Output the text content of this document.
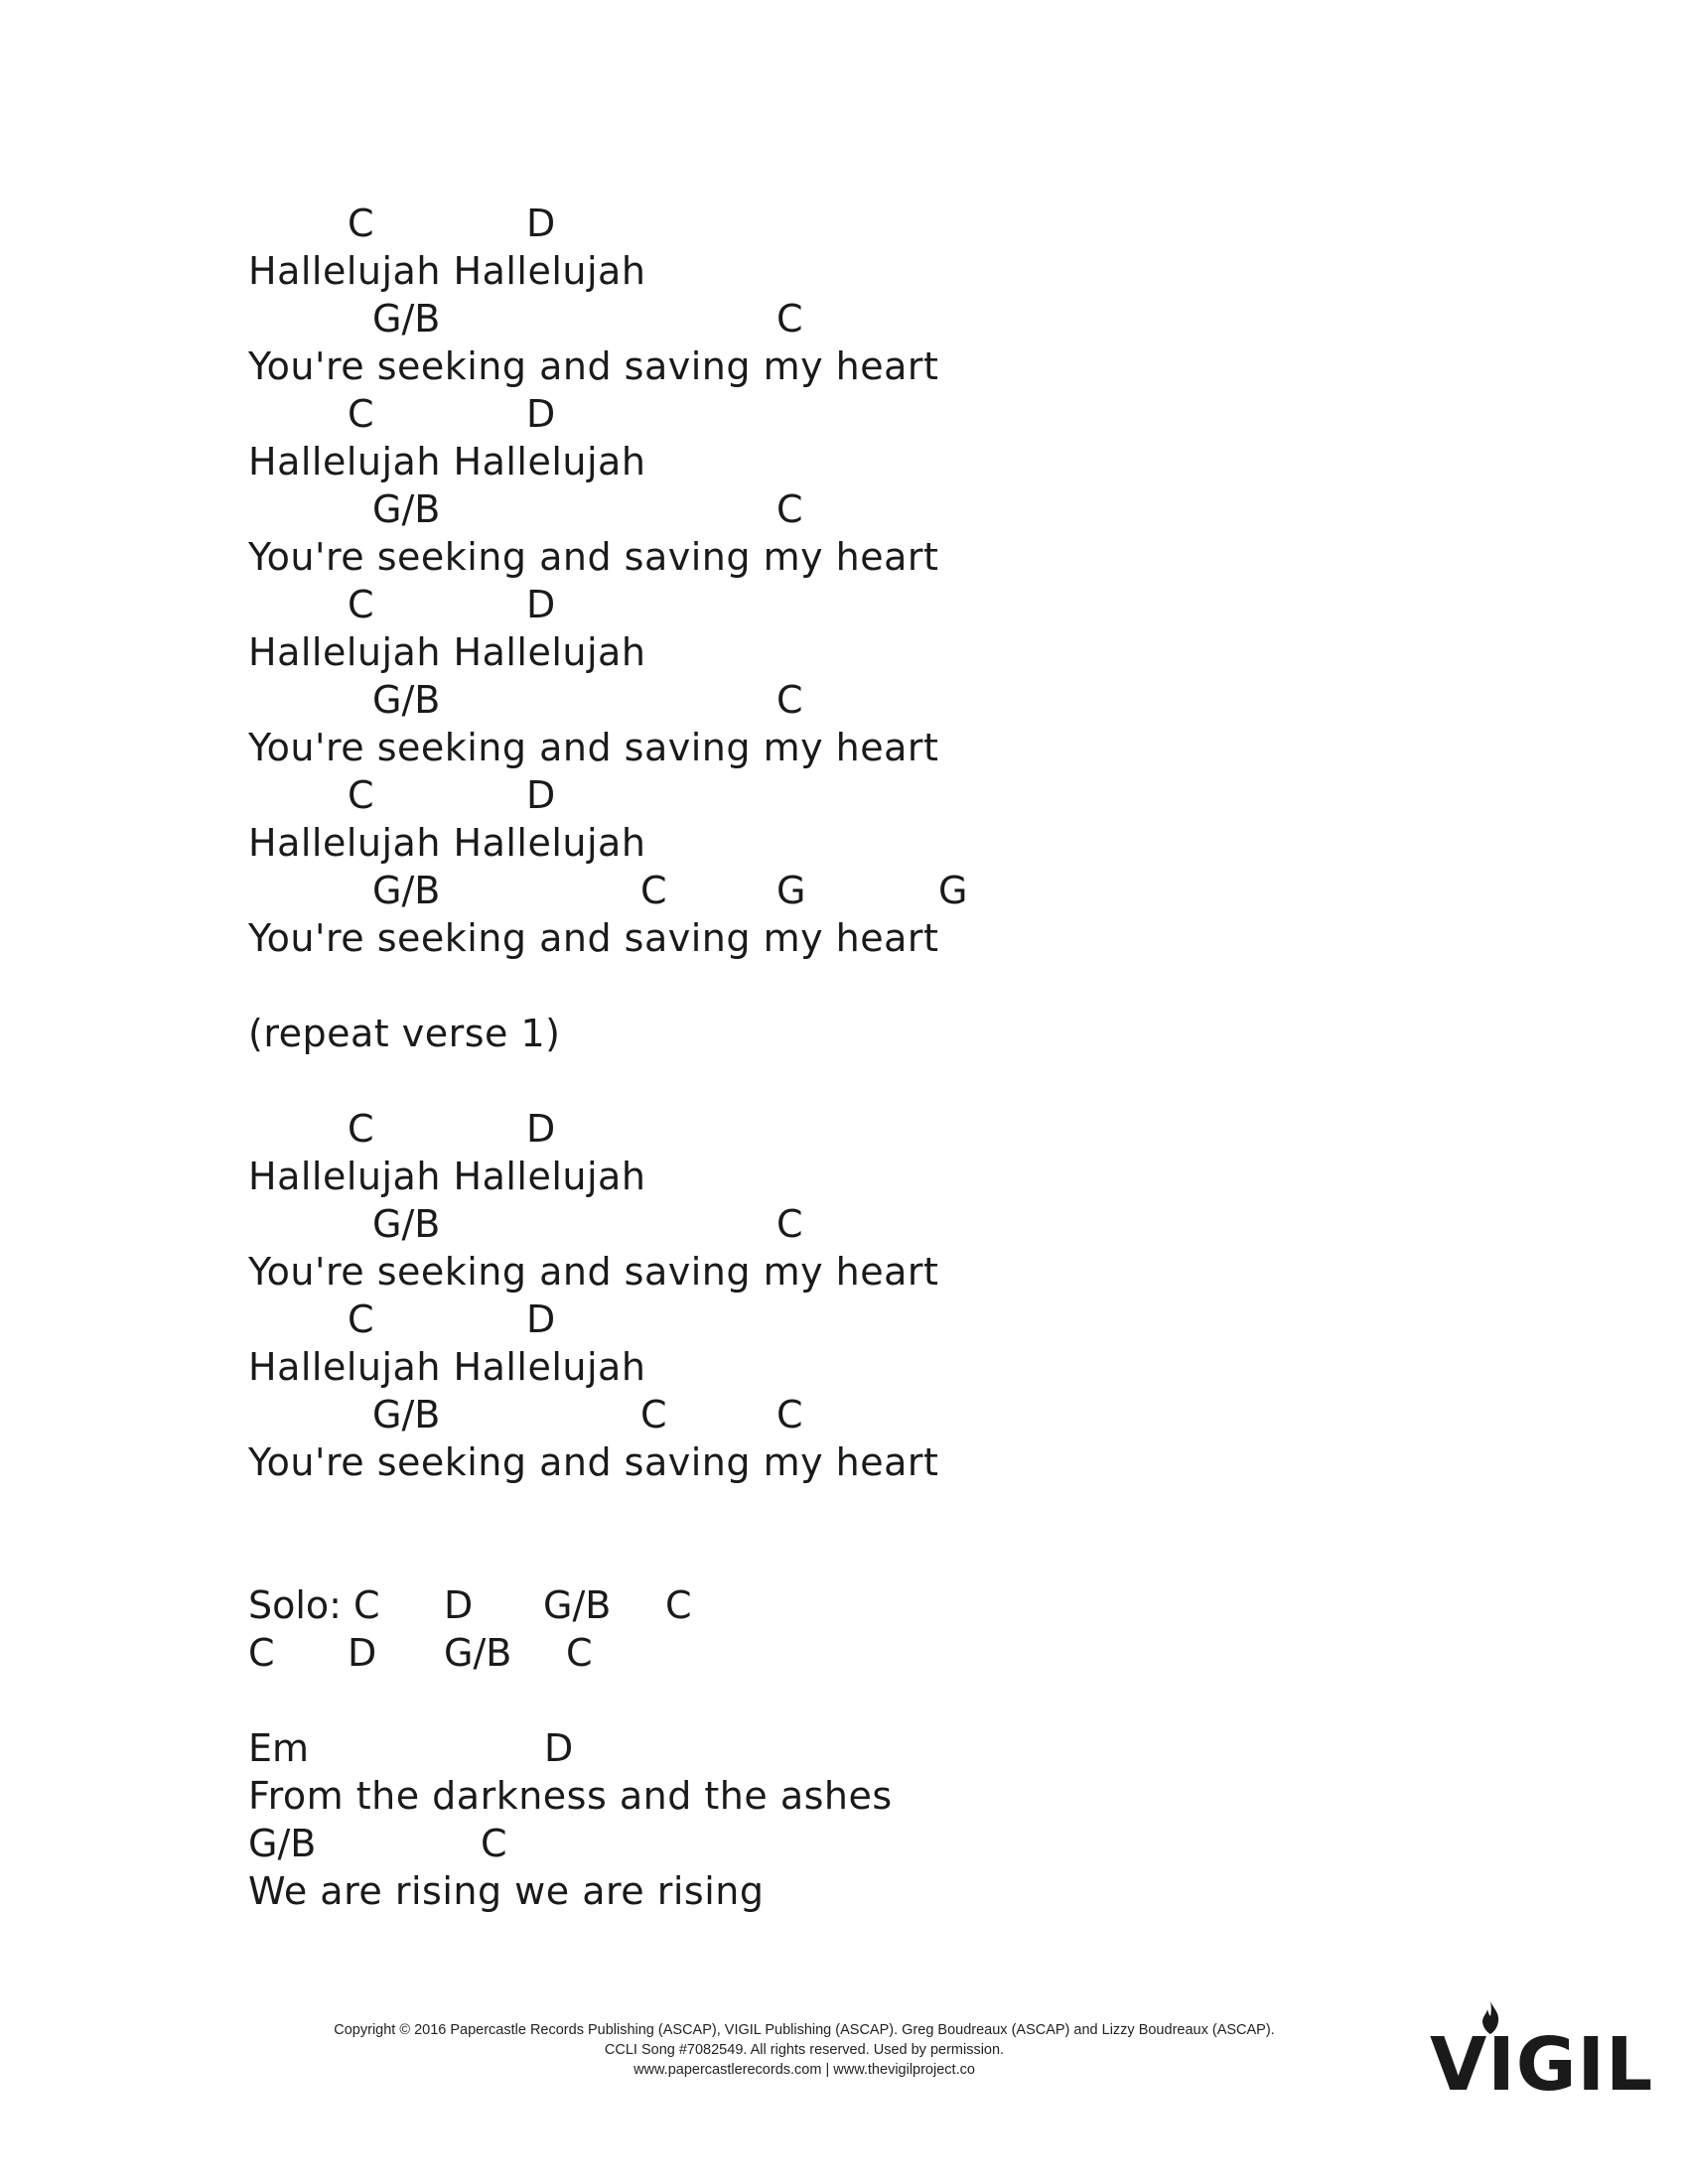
C	D
Hallelujah Hallelujah
G/B	C
You're seeking and saving my heart
C	D
Hallelujah Hallelujah
G/B	C
You're seeking and saving my heart
C	D
Hallelujah Hallelujah
G/B	C
You're seeking and saving my heart
C	D
Hallelujah Hallelujah
G/B	C	G	G
You're seeking and saving my heart
(repeat verse 1)
C	D
Hallelujah Hallelujah
G/B	C
You're seeking and saving my heart
C	D
Hallelujah Hallelujah
G/B	C	C
You're seeking and saving my heart
Solo: C D G/B C
C D G/B C
Em	D
From the darkness and the ashes
G/B	C
We are rising we are rising
Copyright © 2016 Papercastle Records Publishing (ASCAP), VIGIL Publishing (ASCAP). Greg Boudreaux (ASCAP) and Lizzy Boudreaux (ASCAP).
CCLI Song #7082549. All rights reserved. Used by permission.
www.papercastlerecords.com | www.thevigilproject.co	VIGIL
